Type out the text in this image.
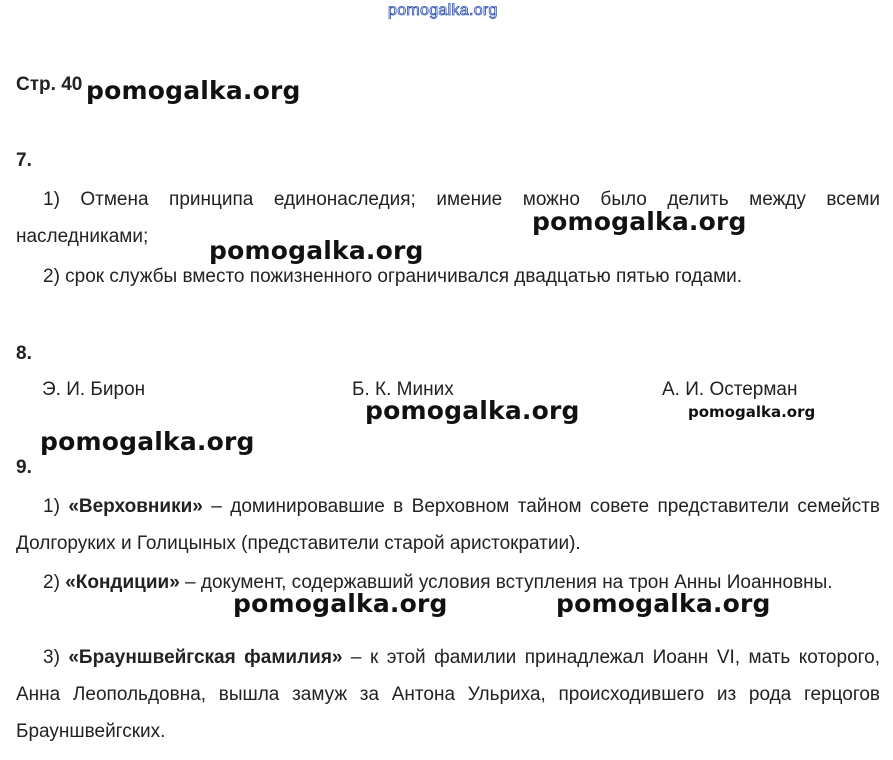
pomogalka.org
Стр. 40
7.
1) Отмена принципа единонаследия; имение можно было делить между всеми наследниками;
2) срок службы вместо пожизненного ограничивался двадцатью пятью годами.
8.
Э. И. Бирон	Б. К. Миних	А. И. Остерман
9.
1) «Верховники» – доминировавшие в Верховном тайном совете представители семейств Долгоруких и Голицыных (представители старой аристократии).
2) «Кондиции» – документ, содержавший условия вступления на трон Анны Иоанновны.
3) «Брауншвейгская фамилия» – к этой фамилии принадлежал Иоанн VI, мать которого, Анна Леопольдовна, вышла замуж за Антона Ульриха, происходившего из рода герцогов Брауншвейгских.
pomogalka.org
pomogalka.org
pomogalka.org
pomogalka.org	pomogalka.org
pomogalka.org
pomogalka.org	pomogalka.org
